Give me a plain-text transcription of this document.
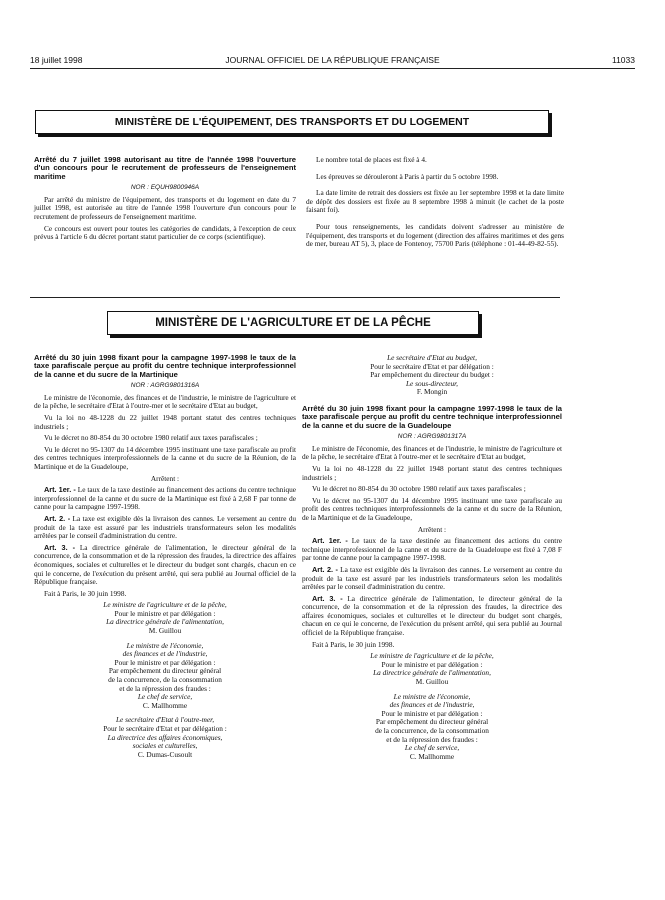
18 juillet 1998	JOURNAL OFFICIEL DE LA RÉPUBLIQUE FRANÇAISE	11033
MINISTÈRE DE L'ÉQUIPEMENT, DES TRANSPORTS ET DU LOGEMENT

Arrêté du 7 juillet 1998 autorisant au titre de l'année 1998 l'ouverture d'un concours pour le recrutement de professeurs de l'enseignement maritime

NOR : EQUH9800946A

Par arrêté du ministre de l'équipement, des transports et du logement en date du 7 juillet 1998, est autorisée au titre de l'année 1998 l'ouverture d'un concours pour le recrutement de professeurs de l'enseignement maritime.

Ce concours est ouvert pour toutes les catégories de candidats, à l'exception de ceux prévus à l'article 6 du décret portant statut particulier de ce corps (scientifique).

Le nombre total de places est fixé à 4.

Les épreuves se dérouleront à Paris à partir du 5 octobre 1998.

La date limite de retrait des dossiers est fixée au 1er septembre 1998 et la date limite de dépôt des dossiers est fixée au 8 septembre 1998 à minuit (le cachet de la poste faisant foi).

Pour tous renseignements, les candidats doivent s'adresser au ministère de l'équipement, des transports et du logement (direction des affaires maritimes et des gens de mer, bureau AT 5), 3, place de Fontenoy, 75700 Paris (téléphone : 01-44-49-82-55).

MINISTÈRE DE L'AGRICULTURE ET DE LA PÊCHE

Arrêté du 30 juin 1998 fixant pour la campagne 1997-1998 le taux de la taxe parafiscale perçue au profit du centre technique interprofessionnel de la canne et du sucre de la Martinique

NOR : AGRG9801316A

Le ministre de l'économie, des finances et de l'industrie, le ministre de l'agriculture et de la pêche, le secrétaire d'Etat à l'outre-mer et le secrétaire d'Etat au budget,

Vu la loi no 48-1228 du 22 juillet 1948 portant statut des centres techniques industriels ;

Vu le décret no 80-854 du 30 octobre 1980 relatif aux taxes parafiscales ;

Vu le décret no 95-1307 du 14 décembre 1995 instituant une taxe parafiscale au profit des centres techniques interprofessionnels de la canne et du sucre de la Réunion, de la Martinique et de la Guadeloupe,

Arrêtent :

Art. 1er. - Le taux de la taxe destinée au financement des actions du centre technique interprofessionnel de la canne et du sucre de la Martinique est fixé à 2,68 F par tonne de canne pour la campagne 1997-1998.

Art. 2. - La taxe est exigible dès la livraison des cannes. Le versement au centre du produit de la taxe est assuré par les industriels transformateurs selon les modalités arrêtées par le conseil d'administration du centre.

Art. 3. - La directrice générale de l'alimentation, le directeur général de la concurrence, de la consommation et de la répression des fraudes, la directrice des affaires économiques, sociales et culturelles et le directeur du budget sont chargés, chacun en ce qui le concerne, de l'exécution du présent arrêté, qui sera publié au Journal officiel de la République française.

Fait à Paris, le 30 juin 1998.

Le ministre de l'agriculture et de la pêche,
Pour le ministre et par délégation :
La directrice générale de l'alimentation,
M. Guillou
Le ministre de l'économie,
des finances et de l'industrie,
Pour le ministre et par délégation :
Par empêchement du directeur général
de la concurrence, de la consommation
et de la répression des fraudes :
Le chef de service,
C. Mallhomme
Le secrétaire d'Etat à l'outre-mer,
Pour le secrétaire d'Etat et par délégation :
La directrice des affaires économiques,
sociales et culturelles,
C. Dumas-Cusoult
Le secrétaire d'Etat au budget,
Pour le secrétaire d'Etat et par délégation :
Par empêchement du directeur du budget :
Le sous-directeur,
F. Mongin

Arrêté du 30 juin 1998 fixant pour la campagne 1997-1998 le taux de la taxe parafiscale perçue au profit du centre technique interprofessionnel de la canne et du sucre de la Guadeloupe

NOR : AGRG9801317A

Le ministre de l'économie, des finances et de l'industrie, le ministre de l'agriculture et de la pêche, le secrétaire d'Etat à l'outre-mer et le secrétaire d'Etat au budget,

Vu la loi no 48-1228 du 22 juillet 1948 portant statut des centres techniques industriels ;

Vu le décret no 80-854 du 30 octobre 1980 relatif aux taxes parafiscales ;

Vu le décret no 95-1307 du 14 décembre 1995 instituant une taxe parafiscale au profit des centres techniques interprofessionnels de la canne et du sucre de la Réunion, de la Martinique et de la Guadeloupe,

Arrêtent :

Art. 1er. - Le taux de la taxe destinée au financement des actions du centre technique interprofessionnel de la canne et du sucre de la Guadeloupe est fixé à 7,08 F par tonne de canne pour la campagne 1997-1998.

Art. 2. - La taxe est exigible dès la livraison des cannes. Le versement au centre du produit de la taxe est assuré par les industriels transformateurs selon les modalités arrêtées par le conseil d'administration du centre.

Art. 3. - La directrice générale de l'alimentation, le directeur général de la concurrence, de la consommation et de la répression des fraudes, la directrice des affaires économiques, sociales et culturelles et le directeur du budget sont chargés, chacun en ce qui le concerne, de l'exécution du présent arrêté, qui sera publié au Journal officiel de la République française.

Fait à Paris, le 30 juin 1998.

Le ministre de l'agriculture et de la pêche,
Pour le ministre et par délégation :
La directrice générale de l'alimentation,
M. Guillou
Le ministre de l'économie,
des finances et de l'industrie,
Pour le ministre et par délégation :
Par empêchement du directeur général
de la concurrence, de la consommation
et de la répression des fraudes :
Le chef de service,
C. Mallhomme
